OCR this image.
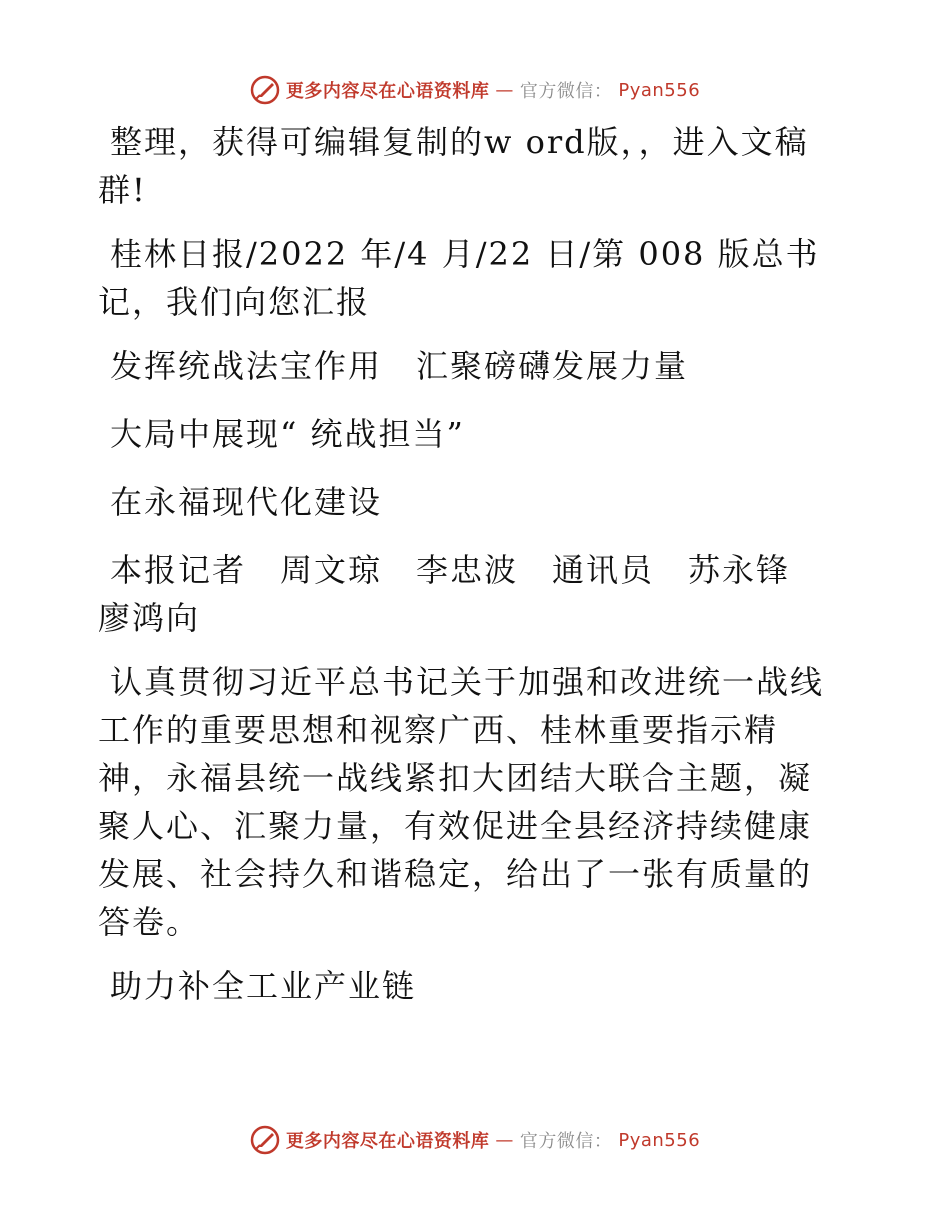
更多内容尽在心语资料库 — 官方微信： Pyan556

整理，获得可编辑复制的w ord版，，进入文稿群!

桂林日报/2022 年/4 月/22 日/第 008 版总书记，我们向您汇报

发挥统战法宝作用　汇聚磅礴发展力量

大局中展现“ 统战担当”

在永福现代化建设

本报记者　周文琼　李忠波　通讯员　苏永锋　廖鸿向

认真贯彻习近平总书记关于加强和改进统一战线工作的重要思想和视察广西、桂林重要指示精神，永福县统一战线紧扣大团结大联合主题，凝聚人心、汇聚力量，有效促进全县经济持续健康发展、社会持久和谐稳定，给出了一张有质量的答卷。

助力补全工业产业链

更多内容尽在心语资料库 — 官方微信： Pyan556
